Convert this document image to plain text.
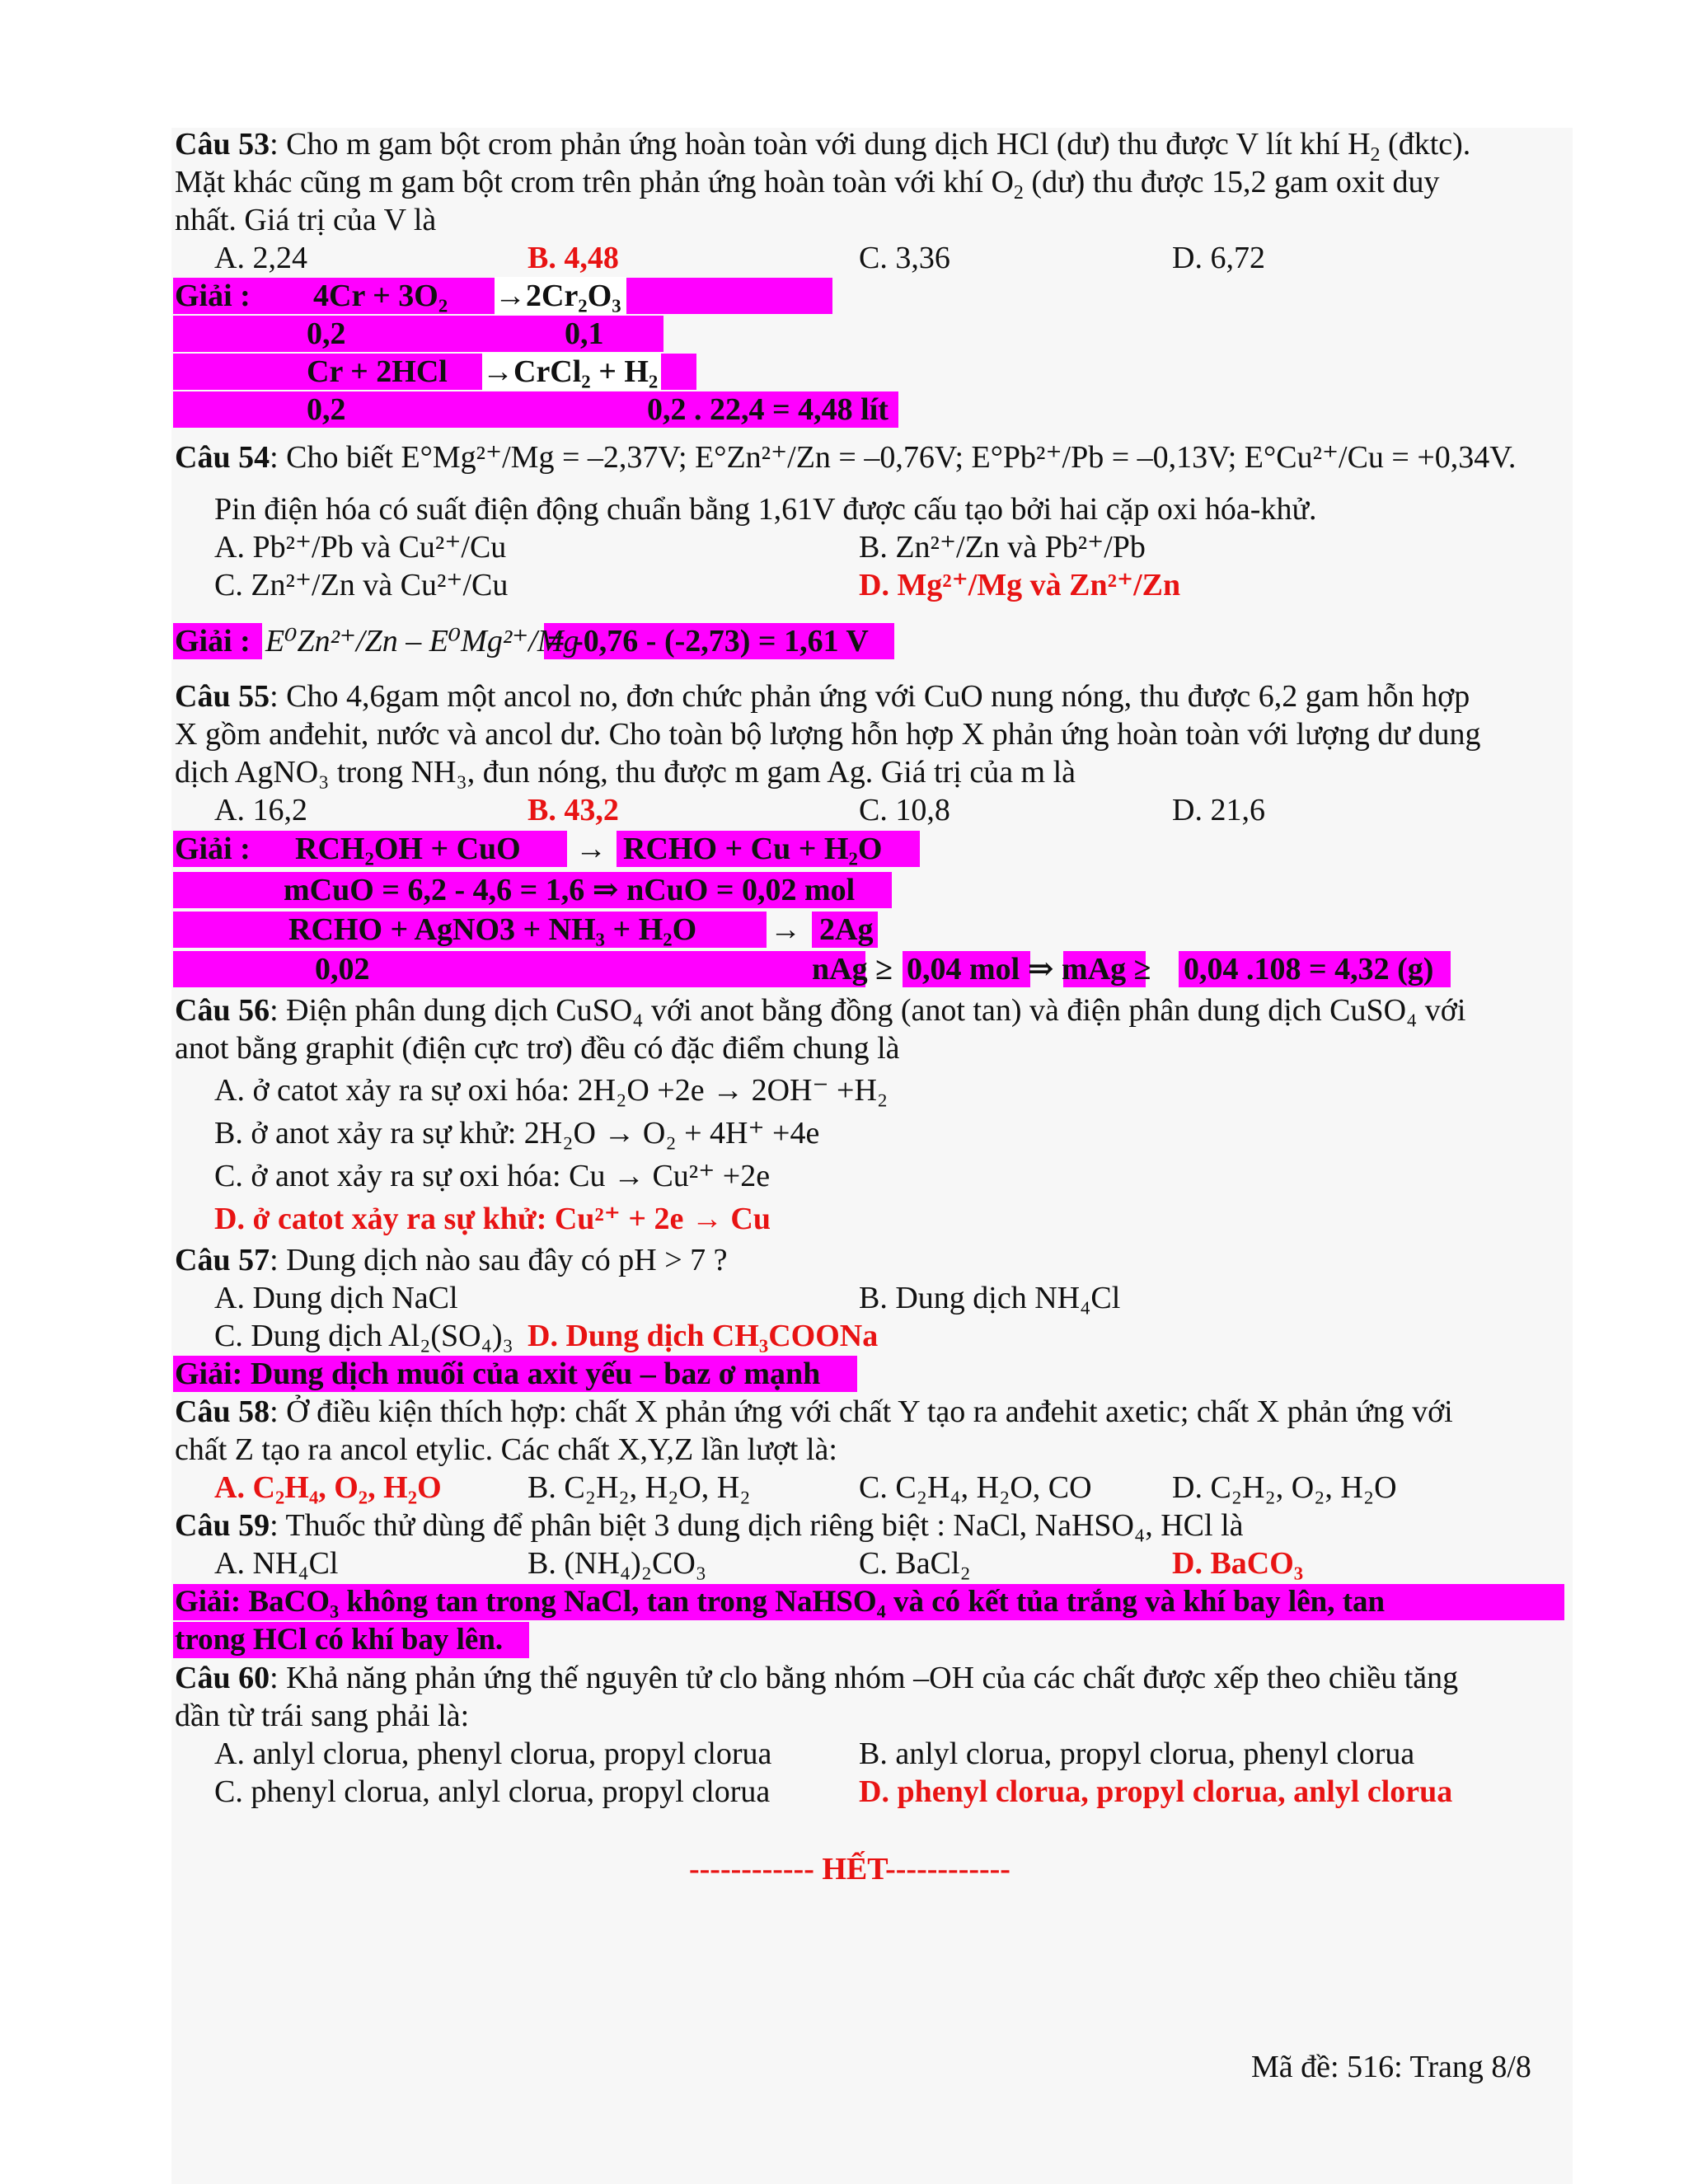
Câu 53: Cho m gam bột crom phản ứng hoàn toàn với dung dịch HCl (dư) thu được V lít khí $H_2$ (đktc).
Mặt khác cũng m gam bột crom trên phản ứng hoàn toàn với khí $O_2$ (dư) thu được 15,2 gam oxit duy
nhất. Giá trị của V là
A. 2,24	B. 4,48	C. 3,36	D. 6,72
Giải : 4Cr + 3O₂ →2Cr₂O₃
0,2	0,1
Cr + 2HCl →CrCl₂ + H₂
0,2	0,2 . 22,4 = 4,48 lít
Câu 54: Cho biết E°Mg²⁺/Mg = –2,37V; E°Zn²⁺/Zn = –0,76V; E°Pb²⁺/Pb = –0,13V; E°Cu²⁺/Cu = +0,34V.
Pin điện hóa có suất điện động chuẩn bằng 1,61V được cấu tạo bởi hai cặp oxi hóa-khử.
A. Pb²⁺/Pb và Cu²⁺/Cu	B. Zn²⁺/Zn và Pb²⁺/Pb
C. Zn²⁺/Zn và Cu²⁺/Cu	D. Mg²⁺/Mg và Zn²⁺/Zn
Giải : E⁰Zn²⁺/Zn – E⁰Mg²⁺/Mg
= -0,76 - (-2,73) = 1,61 V
Câu 55: Cho 4,6gam một ancol no, đơn chức phản ứng với CuO nung nóng, thu được 6,2 gam hỗn hợp
X gồm anđehit, nước và ancol dư. Cho toàn bộ lượng hỗn hợp X phản ứng hoàn toàn với lượng dư dung
dịch AgNO₃ trong NH₃, đun nóng, thu được m gam Ag. Giá trị của m là
A. 16,2	B. 43,2	C. 10,8	D. 21,6
Giải : RCH₂OH + CuO → RCHO + Cu + H₂O
mCuO = 6,2 - 4,6 = 1,6 ⇒ nCuO = 0,02 mol
RCHO + AgNO3 + NH₃ + H₂O → 2Ag
0,02	nAg ≥ 0,04 mol ⇒ mAg ≥ 0,04 .108 = 4,32 (g)
Câu 56: Điện phân dung dịch CuSO₄ với anot bằng đồng (anot tan) và điện phân dung dịch CuSO₄ với
anot bằng graphit (điện cực trơ) đều có đặc điểm chung là
A. ở catot xảy ra sự oxi hóa: 2H₂O +2e → 2OH⁻ +H₂
B. ở anot xảy ra sự khử: 2H₂O → O₂ + 4H⁺ +4e
C. ở anot xảy ra sự oxi hóa: Cu → Cu²⁺ +2e
D. ở catot xảy ra sự khử: Cu²⁺ + 2e → Cu
Câu 57: Dung dịch nào sau đây có pH > 7 ?
A. Dung dịch NaCl	B. Dung dịch NH₄Cl
C. Dung dịch Al₂(SO₄)₃ D. Dung dịch CH₃COONa
Giải: Dung dịch muối của axit yếu – baz ơ mạnh
Câu 58: Ở điều kiện thích hợp: chất X phản ứng với chất Y tạo ra anđehit axetic; chất X phản ứng với
chất Z tạo ra ancol etylic. Các chất X,Y,Z lần lượt là:
A. C₂H₄, O₂, H₂O	B. C₂H₂, H₂O, H₂	C. C₂H₄, H₂O, CO	D. C₂H₂, O₂, H₂O
Câu 59: Thuốc thử dùng để phân biệt 3 dung dịch riêng biệt : NaCl, NaHSO₄, HCl là
A. NH₄Cl	B. (NH₄)₂CO₃	C. BaCl₂	D. BaCO₃
Giải: BaCO₃ không tan trong NaCl, tan trong NaHSO₄ và có kết tủa trắng và khí bay lên, tan
trong HCl có khí bay lên.
Câu 60: Khả năng phản ứng thế nguyên tử clo bằng nhóm –OH của các chất được xếp theo chiều tăng
dần từ trái sang phải là:
A. anlyl clorua, phenyl clorua, propyl clorua	B. anlyl clorua, propyl clorua, phenyl clorua
C. phenyl clorua, anlyl clorua, propyl clorua	D. phenyl clorua, propyl clorua, anlyl clorua
------------ HẾT------------
Mã đề: 516: Trang 8/8
